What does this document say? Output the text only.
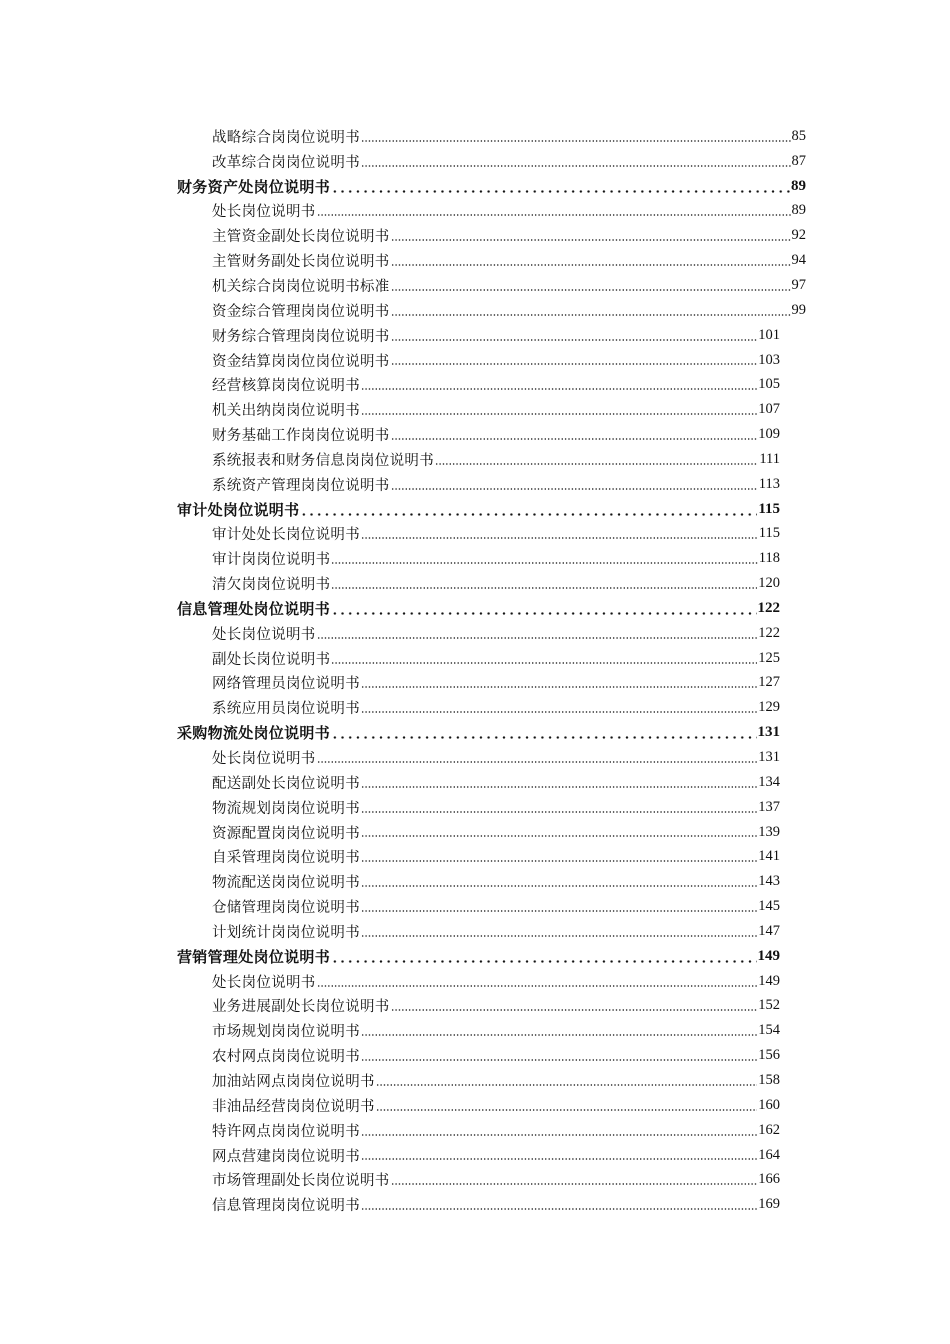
战略综合岗岗位说明书	85
改革综合岗岗位说明书	87
财务资产处岗位说明书	89
处长岗位说明书	89
主管资金副处长岗位说明书	92
主管财务副处长岗位说明书	94
机关综合岗岗位说明书标准	97
资金综合管理岗岗位说明书	99
财务综合管理岗岗位说明书	101
资金结算岗岗位岗位说明书	103
经营核算岗岗位说明书	105
机关出纳岗岗位说明书	107
财务基础工作岗岗位说明书	109
系统报表和财务信息岗岗位说明书	111
系统资产管理岗岗位说明书	113
审计处岗位说明书	115
审计处处长岗位说明书	115
审计岗岗位说明书	118
清欠岗岗位说明书	120
信息管理处岗位说明书	122
处长岗位说明书	122
副处长岗位说明书	125
网络管理员岗位说明书	127
系统应用员岗位说明书	129
采购物流处岗位说明书	131
处长岗位说明书	131
配送副处长岗位说明书	134
物流规划岗岗位说明书	137
资源配置岗岗位说明书	139
自采管理岗岗位说明书	141
物流配送岗岗位说明书	143
仓储管理岗岗位说明书	145
计划统计岗岗位说明书	147
营销管理处岗位说明书	149
处长岗位说明书	149
业务进展副处长岗位说明书	152
市场规划岗岗位说明书	154
农村网点岗岗位说明书	156
加油站网点岗岗位说明书	158
非油品经营岗岗位说明书	160
特许网点岗岗位说明书	162
网点营建岗岗位说明书	164
市场管理副处长岗位说明书	166
信息管理岗岗位说明书	169
